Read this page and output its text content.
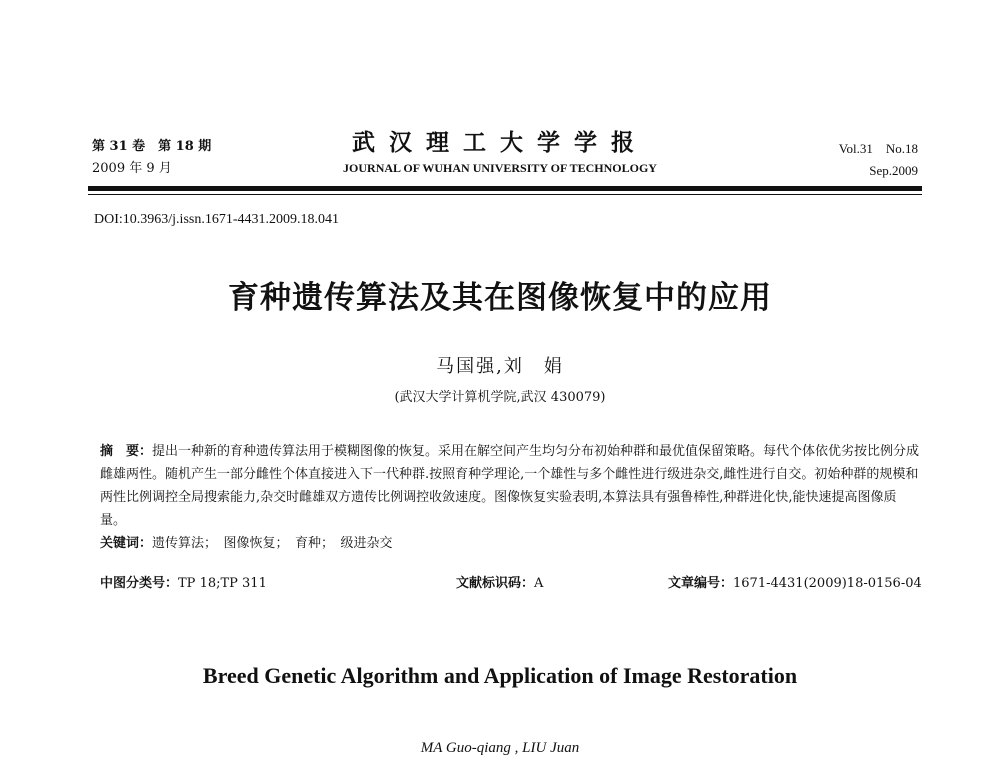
第 31 卷　第 18 期
2009 年 9 月
武汉理工大学学报
JOURNAL OF WUHAN UNIVERSITY OF TECHNOLOGY
Vol.31　No.18
Sep.2009
DOI:10.3963/j.issn.1671-4431.2009.18.041
育种遗传算法及其在图像恢复中的应用
马国强,刘　娟
(武汉大学计算机学院,武汉 430079)
摘　要：提出一种新的育种遗传算法用于模糊图像的恢复。采用在解空间产生均匀分布初始种群和最优值保留策略。每代个体依优劣按比例分成雌雄两性。随机产生一部分雌性个体直接进入下一代种群.按照育种学理论,一个雄性与多个雌性进行级进杂交,雌性进行自交。初始种群的规模和两性比例调控全局搜索能力,杂交时雌雄双方遗传比例调控收敛速度。图像恢复实验表明,本算法具有强鲁棒性,种群进化快,能快速提高图像质量。
关键词：遗传算法；　图像恢复；　育种；　级进杂交
中图分类号：TP 18;TP 311	文献标识码：A	文章编号：1671-4431(2009)18-0156-04
Breed Genetic Algorithm and Application of Image Restoration
MA Guo-qiang , LIU Juan
